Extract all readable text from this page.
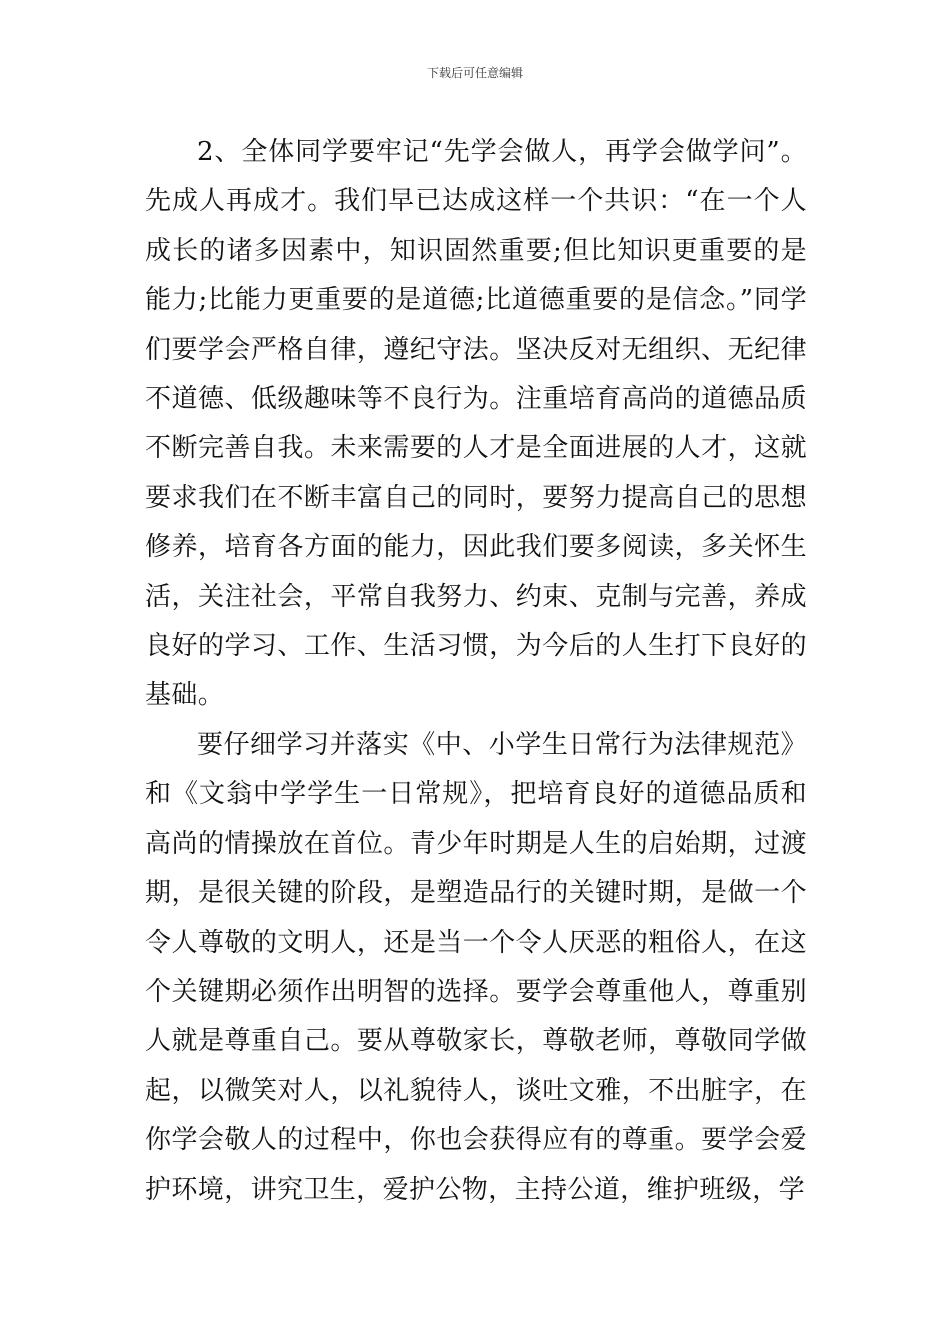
下载后可任意编辑

2、全体同学要牢记“先学会做人，再学会做学问”。先成人再成才。我们早已达成这样一个共识：“在一个人成长的诸多因素中，知识固然重要;但比知识更重要的是能力;比能力更重要的是道德;比道德重要的是信念。”同学们要学会严格自律，遵纪守法。坚决反对无组织、无纪律不道德、低级趣味等不良行为。注重培育高尚的道德品质不断完善自我。未来需要的人才是全面进展的人才，这就要求我们在不断丰富自己的同时，要努力提高自己的思想修养，培育各方面的能力，因此我们要多阅读，多关怀生活，关注社会，平常自我努力、约束、克制与完善，养成良好的学习、工作、生活习惯，为今后的人生打下良好的基础。

要仔细学习并落实《中、小学生日常行为法律规范》和《文翁中学学生一日常规》，把培育良好的道德品质和高尚的情操放在首位。青少年时期是人生的启始期，过渡期，是很关键的阶段，是塑造品行的关键时期，是做一个令人尊敬的文明人，还是当一个令人厌恶的粗俗人，在这个关键期必须作出明智的选择。要学会尊重他人，尊重别人就是尊重自己。要从尊敬家长，尊敬老师，尊敬同学做起，以微笑对人，以礼貌待人，谈吐文雅，不出脏字，在你学会敬人的过程中，你也会获得应有的尊重。要学会爱护环境，讲究卫生，爱护公物，主持公道，维护班级，学
